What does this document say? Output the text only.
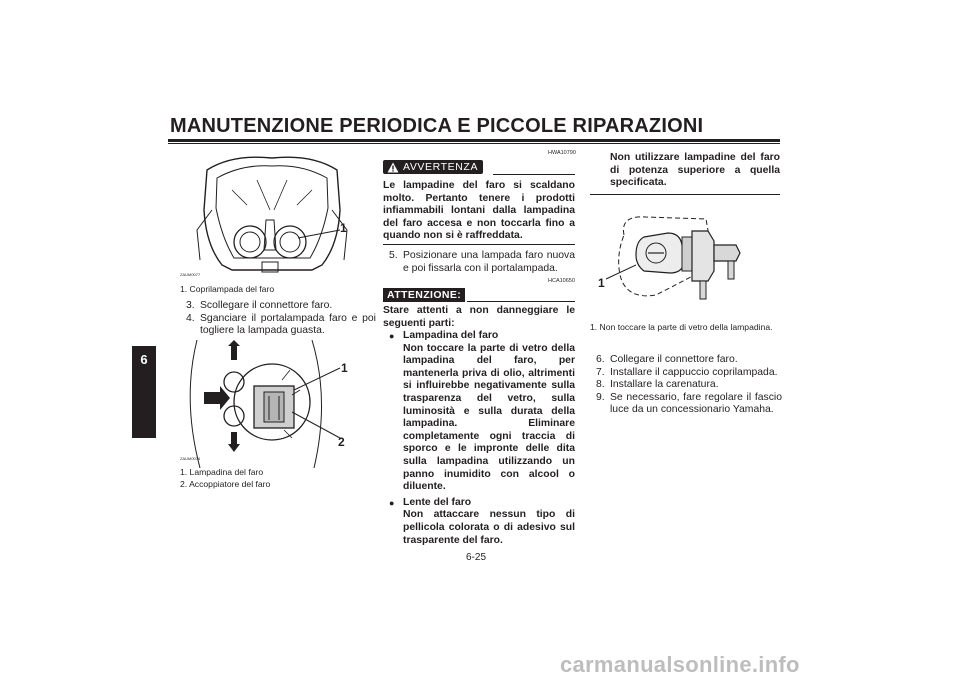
MANUTENZIONE PERIODICA E PICCOLE RIPARAZIONI
6
1
ZAUM0077
1. Coprilampada del faro
3. Scollegare il connettore faro.
4. Sganciare il portalampada faro e poi togliere la lampada guasta.
1
2
ZAUM0076
1. Lampadina del faro
2. Accoppiatore del faro
HWA10790
AVVERTENZA
Le lampadine del faro si scaldano molto. Pertanto tenere i prodotti infiammabili lontani dalla lampadina del faro accesa e non toccarla fino a quando non si è raffreddata.
5. Posizionare una lampada faro nuova e poi fissarla con il portalampada.
HCA10650
ATTENZIONE:
Stare attenti a non danneggiare le seguenti parti:
● Lampadina del faro
Non toccare la parte di vetro della lampadina del faro, per mantenerla priva di olio, altrimenti si influirebbe negativamente sulla trasparenza del vetro, sulla luminosità e sulla durata della lampadina. Eliminare completamente ogni traccia di sporco e le impronte delle dita sulla lampadina utilizzando un panno inumidito con alcool o diluente.
● Lente del faro
Non attaccare nessun tipo di pellicola colorata o di adesivo sul trasparente del faro.
Non utilizzare lampadine del faro di potenza superiore a quella specificata.
1
1. Non toccare la parte di vetro della lampadina.
6. Collegare il connettore faro.
7. Installare il cappuccio coprilampada.
8. Installare la carenatura.
9. Se necessario, fare regolare il fascio luce da un concessionario Yamaha.
6-25
carmanualsonline.info
